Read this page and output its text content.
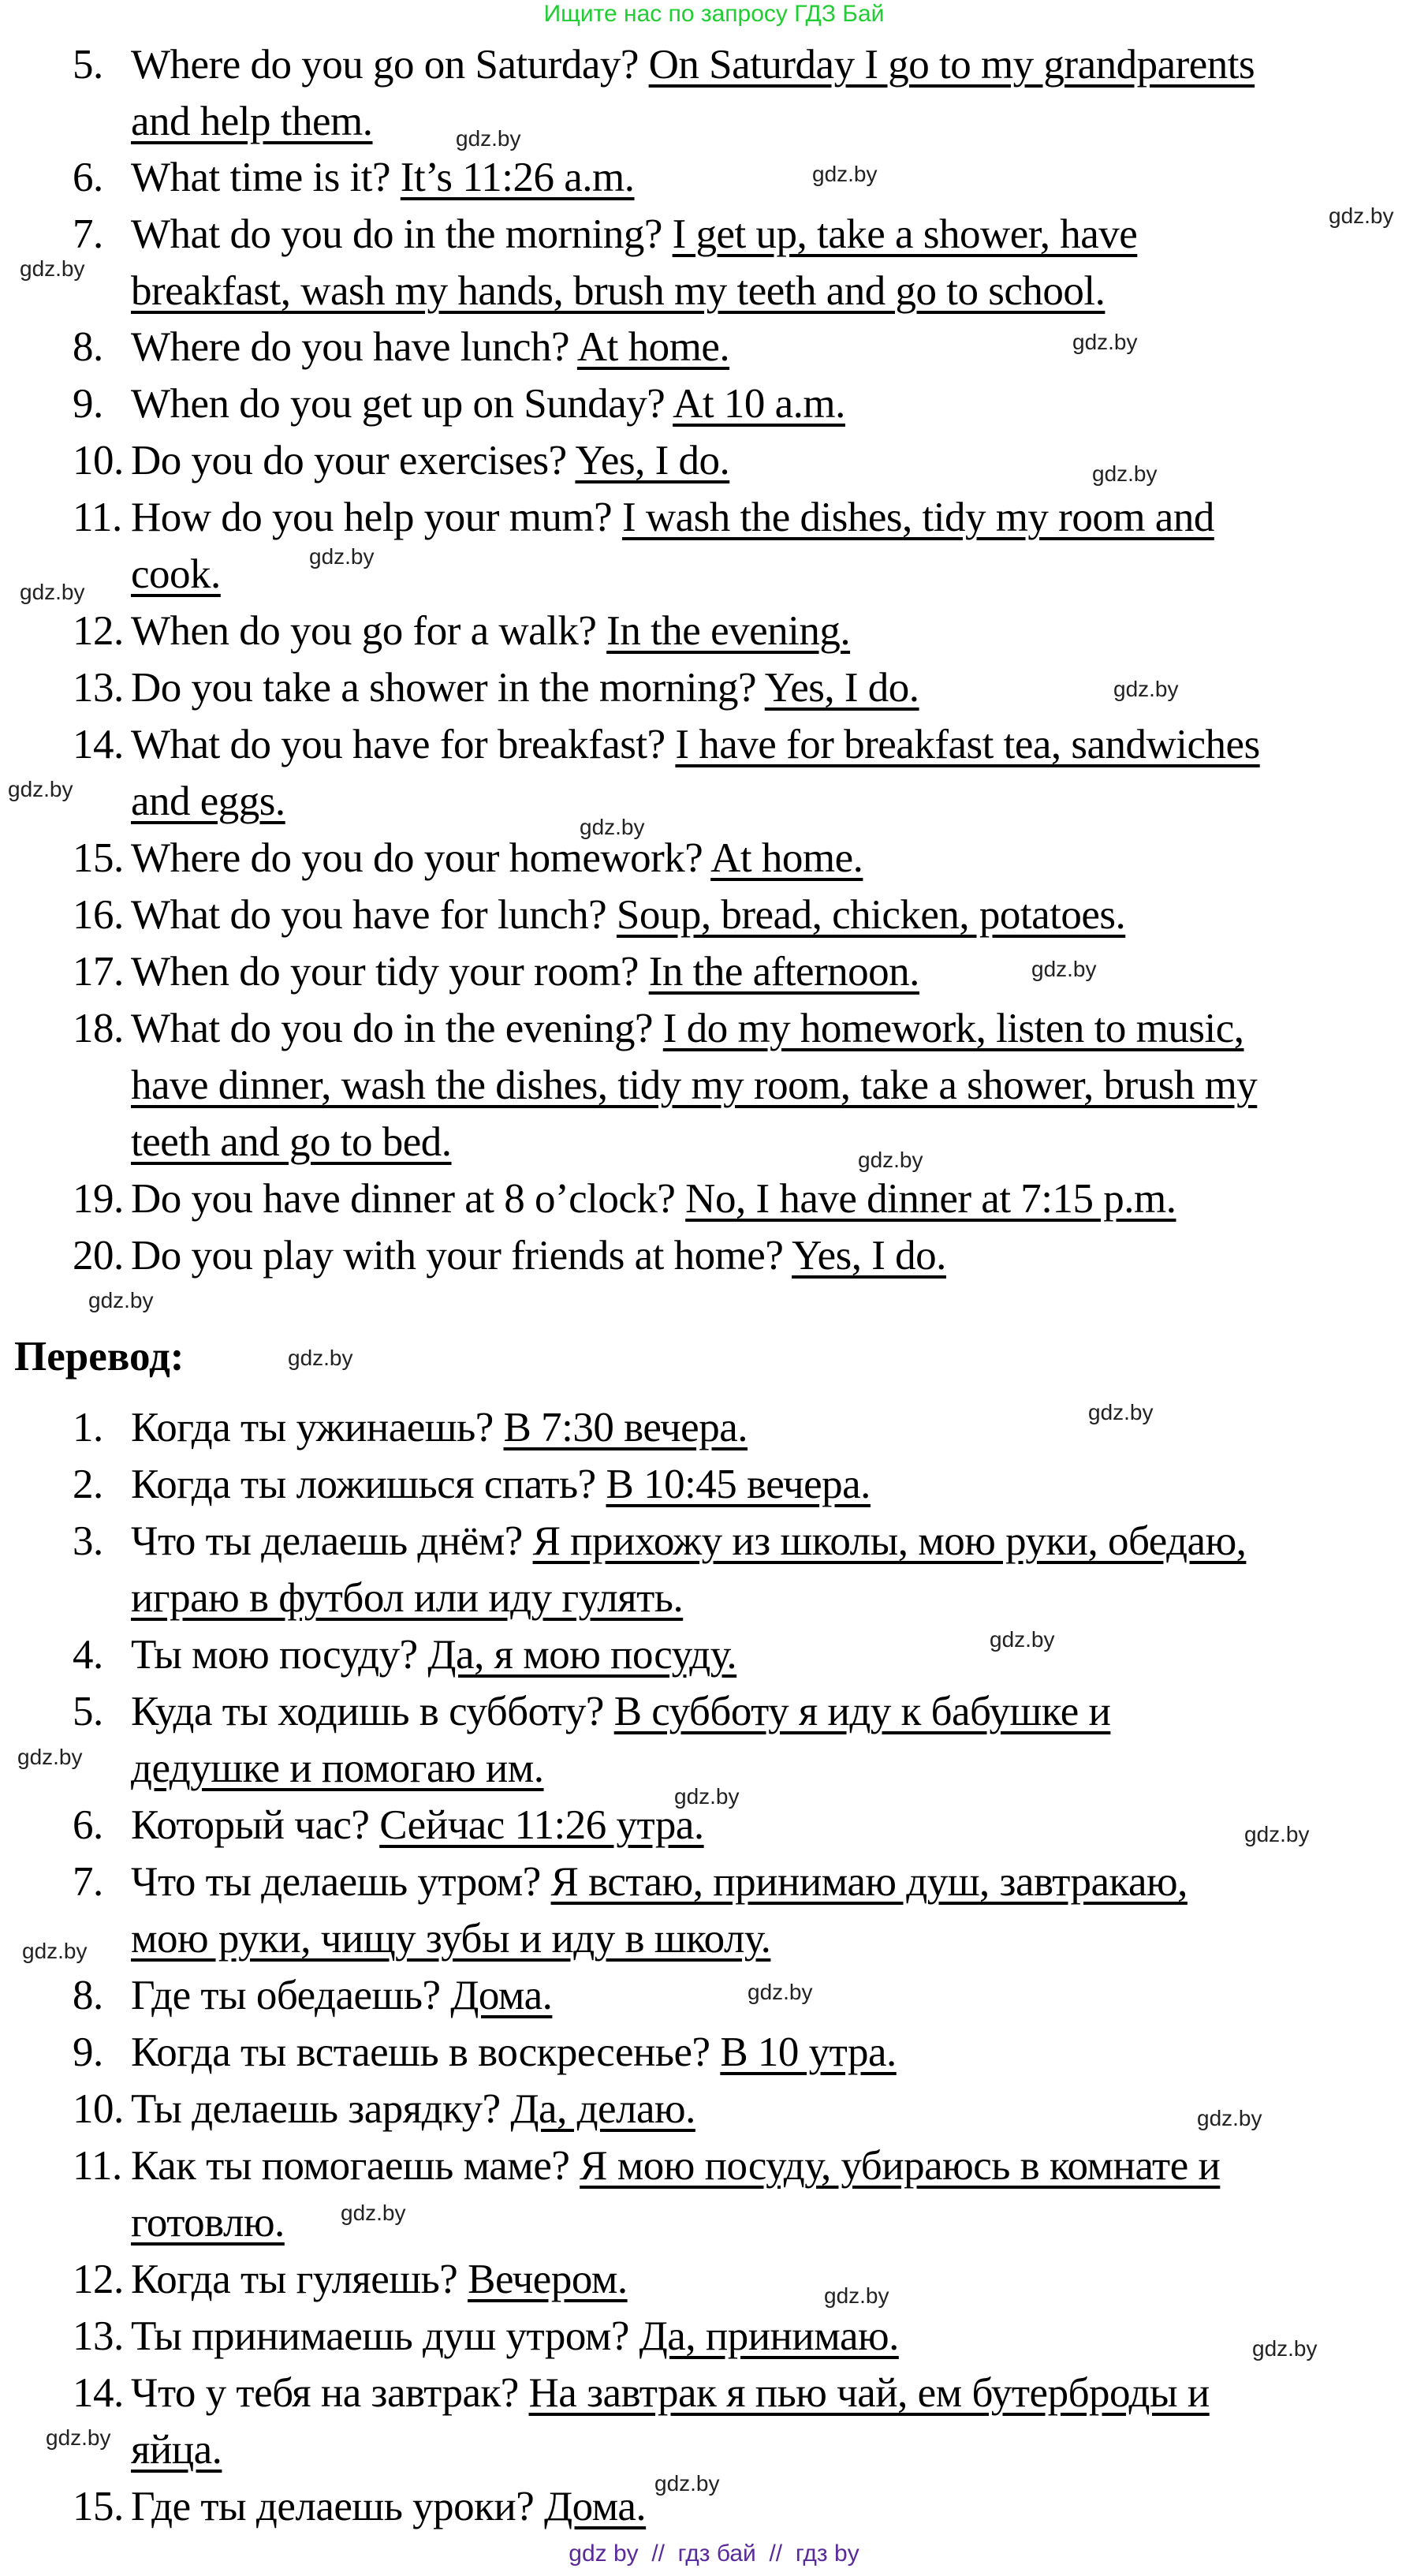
Ищите нас по запросу ГДЗ Бай
5. Where do you go on Saturday? On Saturday I go to my grandparents
and help them.
6. What time is it? It’s 11:26 a.m.
7. What do you do in the morning? I get up, take a shower, have
breakfast, wash my hands, brush my teeth and go to school.
8. Where do you have lunch? At home.
9. When do you get up on Sunday? At 10 a.m.
10. Do you do your exercises? Yes, I do.
11. How do you help your mum? I wash the dishes, tidy my room and
cook.
12. When do you go for a walk? In the evening.
13. Do you take a shower in the morning? Yes, I do.
14. What do you have for breakfast? I have for breakfast tea, sandwiches
and eggs.
15. Where do you do your homework? At home.
16. What do you have for lunch? Soup, bread, chicken, potatoes.
17. When do your tidy your room? In the afternoon.
18. What do you do in the evening? I do my homework, listen to music,
have dinner, wash the dishes, tidy my room, take a shower, brush my
teeth and go to bed.
19. Do you have dinner at 8 o’clock? No, I have dinner at 7:15 p.m.
20. Do you play with your friends at home? Yes, I do.
Перевод:
1. Когда ты ужинаешь? В 7:30 вечера.
2. Когда ты ложишься спать? В 10:45 вечера.
3. Что ты делаешь днём? Я прихожу из школы, мою руки, обедаю,
играю в футбол или иду гулять.
4. Ты мою посуду? Да, я мою посуду.
5. Куда ты ходишь в субботу? В субботу я иду к бабушке и
дедушке и помогаю им.
6. Который час? Сейчас 11:26 утра.
7. Что ты делаешь утром? Я встаю, принимаю душ, завтракаю,
мою руки, чищу зубы и иду в школу.
8. Где ты обедаешь? Дома.
9. Когда ты встаешь в воскресенье? В 10 утра.
10. Ты делаешь зарядку? Да, делаю.
11. Как ты помогаешь маме? Я мою посуду, убираюсь в комнате и
готовлю.
12. Когда ты гуляешь? Вечером.
13. Ты принимаешь душ утром? Да, принимаю.
14. Что у тебя на завтрак? На завтрак я пью чай, ем бутерброды и
яйца.
15. Где ты делаешь уроки? Дома.
gdz.by
gdz.by
gdz.by
gdz.by
gdz.by
gdz.by
gdz.by
gdz.by
gdz.by
gdz.by
gdz.by
gdz.by
gdz.by
gdz.by
gdz.by
gdz.by
gdz.by
gdz.by
gdz.by
gdz.by
gdz.by
gdz.by
gdz.by
gdz.by
gdz.by
gdz.by
gdz.by
gdz.by
gdz by  //  гдз бай  //  гдз by
